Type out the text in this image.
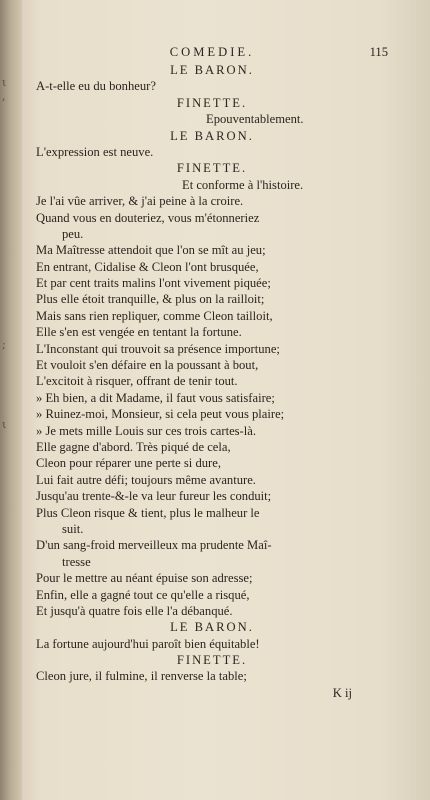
ι
,
;
ι
COMEDIE.	115
LE BARON.
A-t-elle eu du bonheur?
FINETTE.
Epouventablement.
LE BARON.
L'expression est neuve.
FINETTE.
Et conforme à l'histoire.
Je l'ai vûe arriver, & j'ai peine à la croire.
Quand vous en douteriez, vous m'étonneriez
peu.
Ma Maîtresse attendoit que l'on se mît au jeu;
En entrant, Cidalise & Cleon l'ont brusquée,
Et par cent traits malins l'ont vivement piquée;
Plus elle étoit tranquille, & plus on la railloit;
Mais sans rien repliquer, comme Cleon tailloit,
Elle s'en est vengée en tentant la fortune.
L'Inconstant qui trouvoit sa présence importune;
Et vouloit s'en défaire en la poussant à bout,
L'excitoit à risquer, offrant de tenir tout.
» Eh bien, a dit Madame, il faut vous satisfaire;
» Ruinez-moi, Monsieur, si cela peut vous plaire;
» Je mets mille Louis sur ces trois cartes-là.
Elle gagne d'abord. Très piqué de cela,
Cleon pour réparer une perte si dure,
Lui fait autre défi; toujours même avanture.
Jusqu'au trente-&-le va leur fureur les conduit;
Plus Cleon risque & tient, plus le malheur le
suit.
D'un sang-froid merveilleux ma prudente Maî-
tresse
Pour le mettre au néant épuise son adresse;
Enfin, elle a gagné tout ce qu'elle a risqué,
Et jusqu'à quatre fois elle l'a débanqué.
LE BARON.
La fortune aujourd'hui paroît bien équitable!
FINETTE.
Cleon jure, il fulmine, il renverse la table;
K ij
